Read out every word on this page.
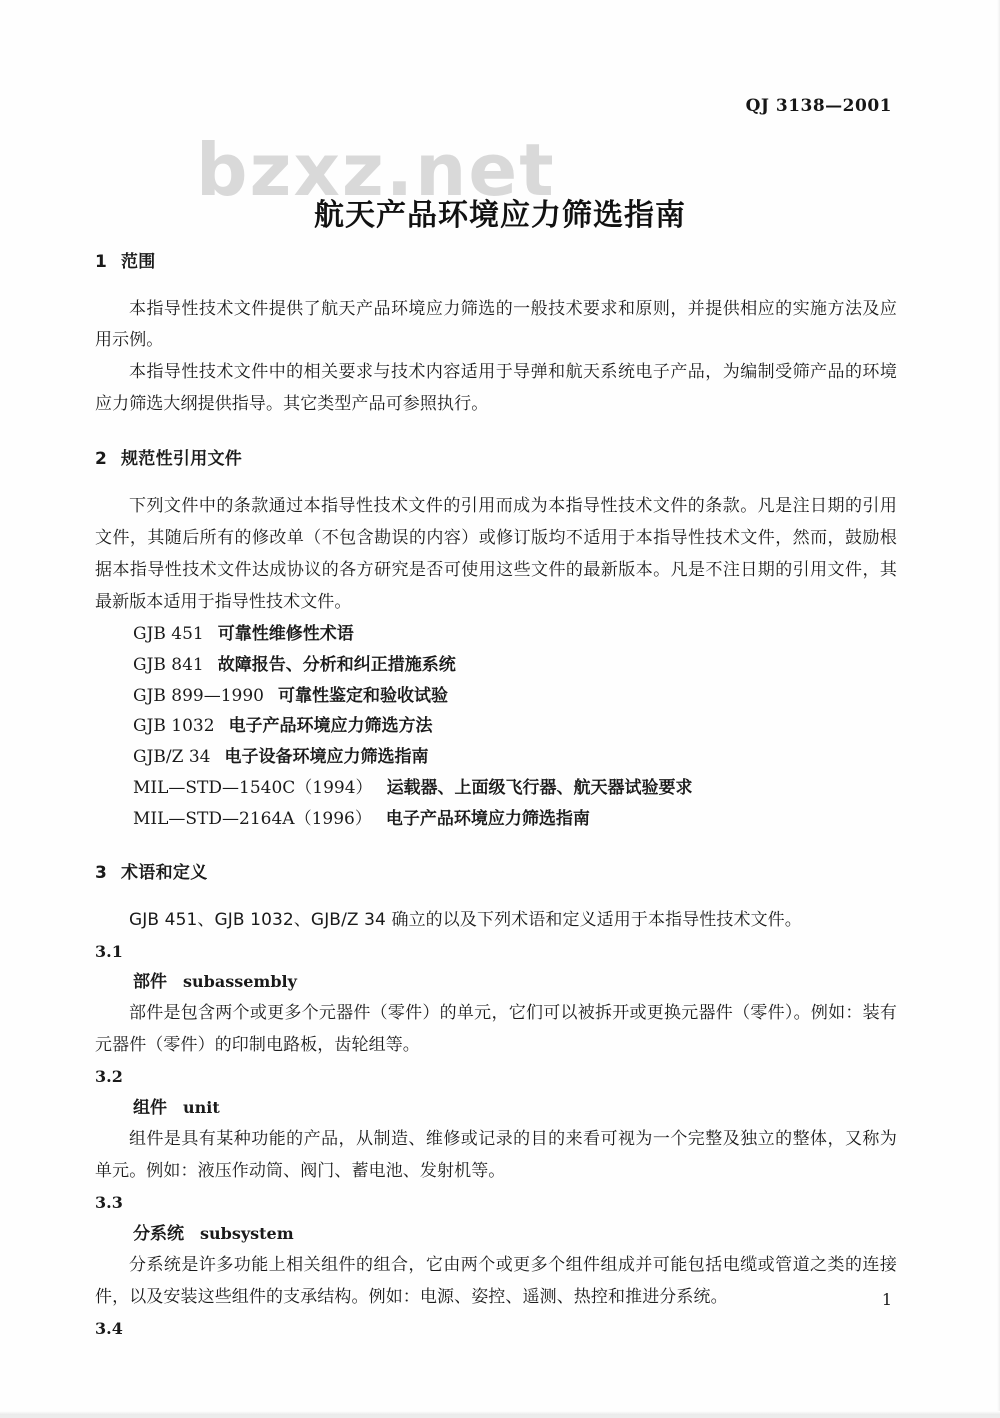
bzxz.net
QJ 3138—2001
航天产品环境应力筛选指南
1 范围

本指导性技术文件提供了航天产品环境应力筛选的一般技术要求和原则，并提供相应的实施方法及应用示例。

本指导性技术文件中的相关要求与技术内容适用于导弹和航天系统电子产品，为编制受筛产品的环境应力筛选大纲提供指导。其它类型产品可参照执行。

2 规范性引用文件

下列文件中的条款通过本指导性技术文件的引用而成为本指导性技术文件的条款。凡是注日期的引用文件，其随后所有的修改单（不包含勘误的内容）或修订版均不适用于本指导性技术文件，然而，鼓励根据本指导性技术文件达成协议的各方研究是否可使用这些文件的最新版本。凡是不注日期的引用文件，其最新版本适用于指导性技术文件。

GJB 451 可靠性维修性术语
GJB 841 故障报告、分析和纠正措施系统
GJB 899—1990 可靠性鉴定和验收试验
GJB 1032 电子产品环境应力筛选方法
GJB/Z 34 电子设备环境应力筛选指南
MIL—STD—1540C（1994） 运载器、上面级飞行器、航天器试验要求
MIL—STD—2164A（1996） 电子产品环境应力筛选指南
3 术语和定义

GJB 451、GJB 1032、GJB/Z 34 确立的以及下列术语和定义适用于本指导性技术文件。

3.1
部件 subassembly

部件是包含两个或更多个元器件（零件）的单元，它们可以被拆开或更换元器件（零件）。例如：装有元器件（零件）的印制电路板，齿轮组等。

3.2
组件 unit

组件是具有某种功能的产品，从制造、维修或记录的目的来看可视为一个完整及独立的整体，又称为单元。例如：液压作动筒、阀门、蓄电池、发射机等。

3.3
分系统 subsystem

分系统是许多功能上相关组件的组合，它由两个或更多个组件组成并可能包括电缆或管道之类的连接件，以及安装这些组件的支承结构。例如：电源、姿控、遥测、热控和推进分系统。

3.4
1
